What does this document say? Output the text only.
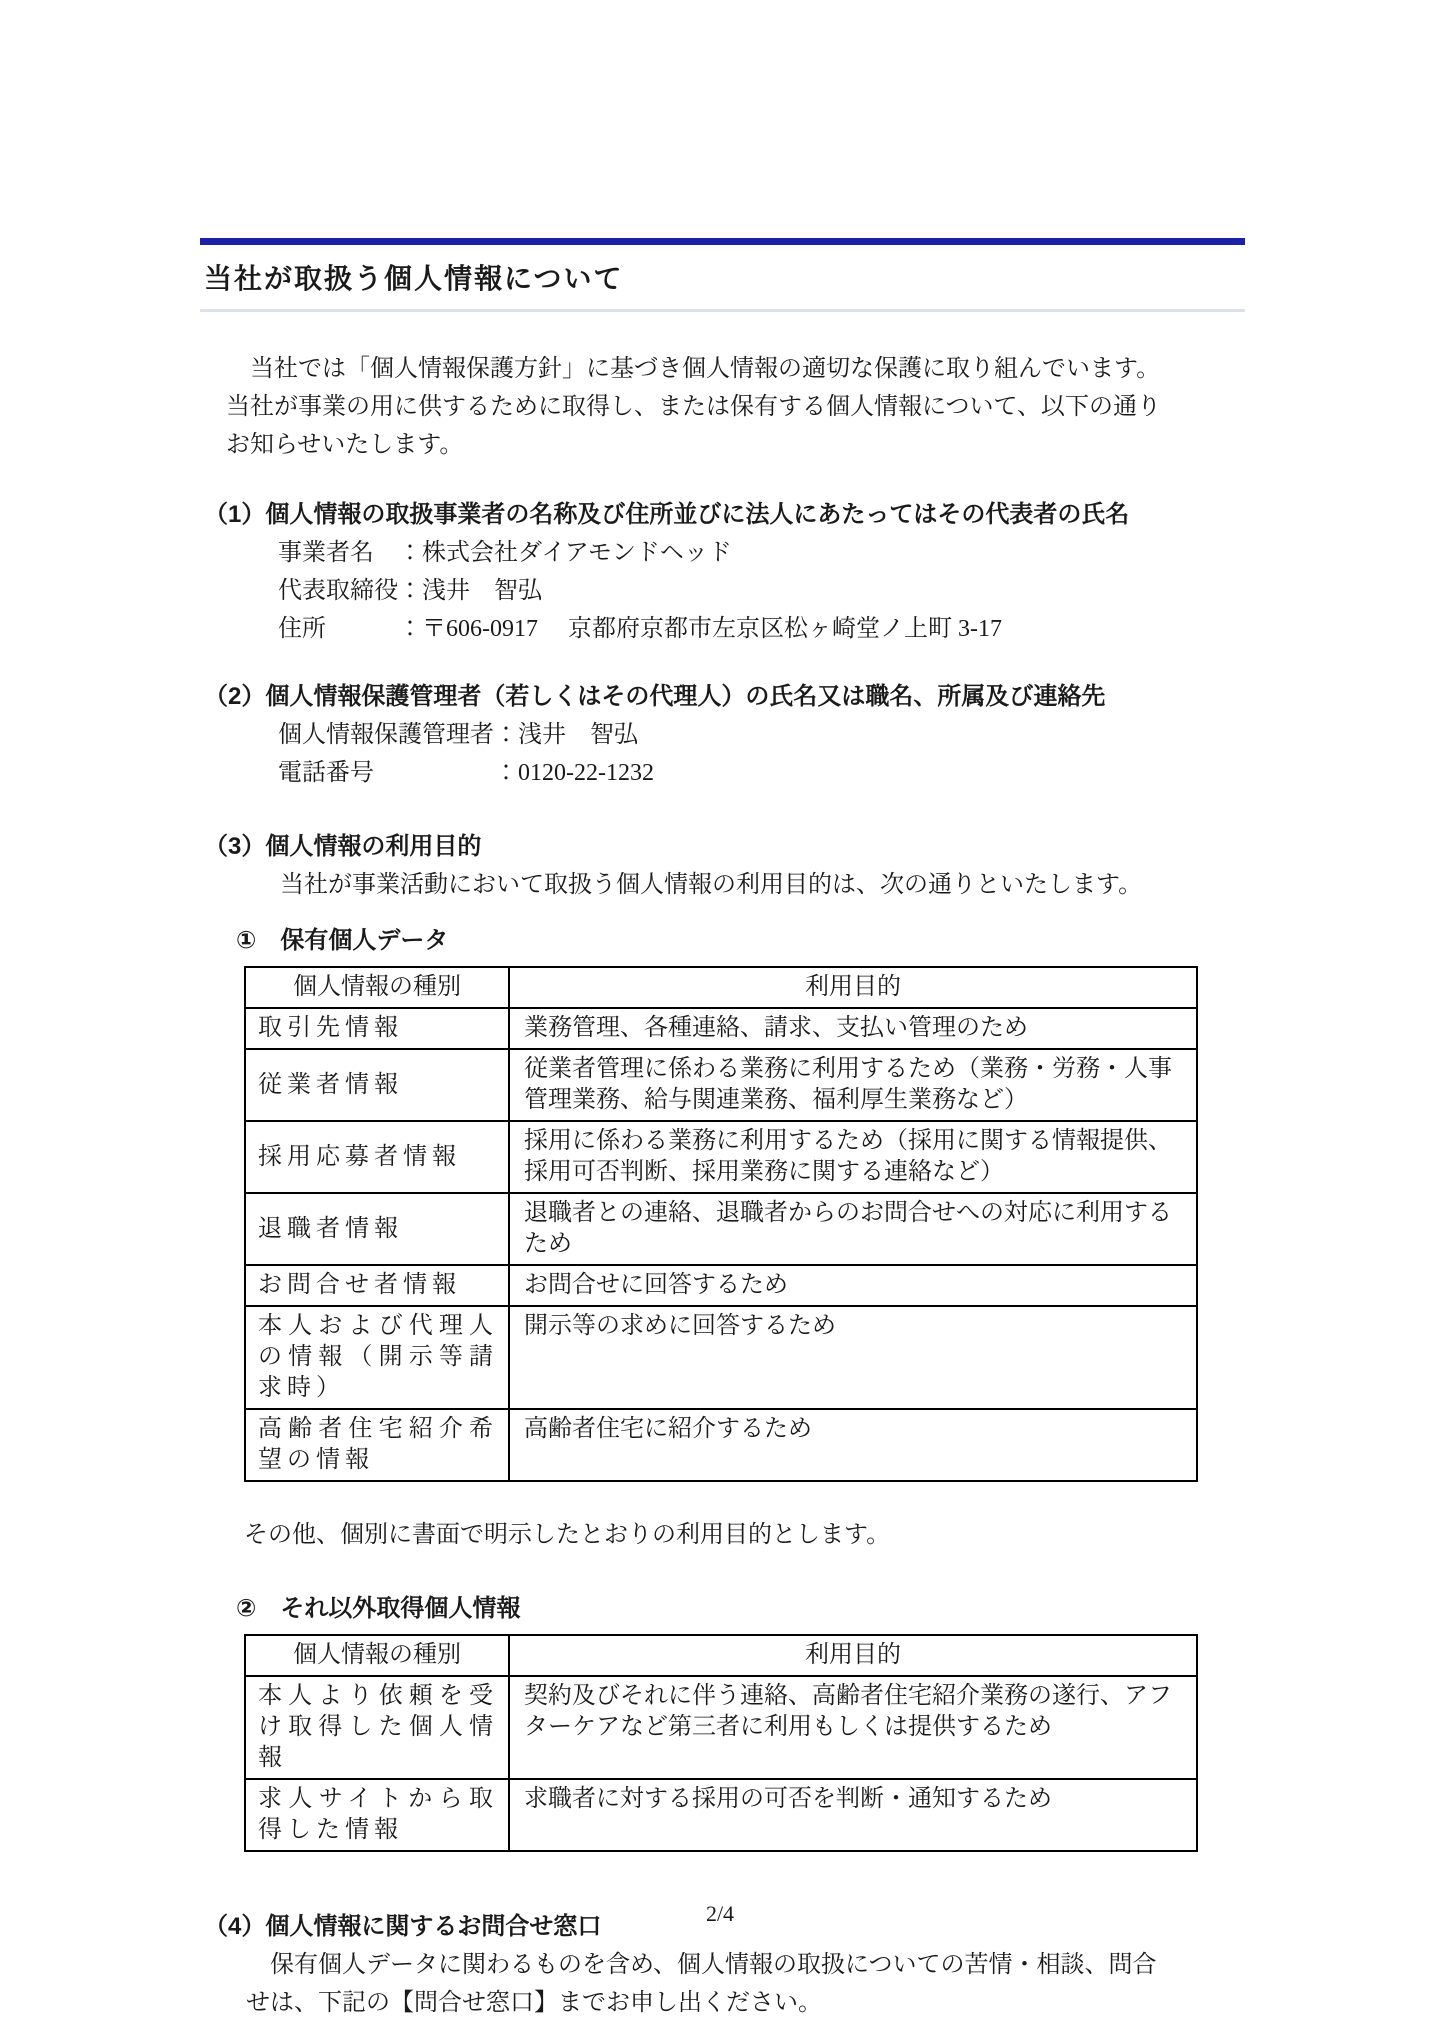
当社が取扱う個人情報について
　当社では「個人情報保護方針」に基づき個人情報の適切な保護に取り組んでいます。
当社が事業の用に供するために取得し、または保有する個人情報について、以下の通り
お知らせいたします。
（1）個人情報の取扱事業者の名称及び住所並びに法人にあたってはその代表者の氏名
事業者名　：株式会社ダイアモンドヘッド
代表取締役：浅井　智弘
住所　　　：〒606-0917　 京都府京都市左京区松ヶ崎堂ノ上町 3-17
（2）個人情報保護管理者（若しくはその代理人）の氏名又は職名、所属及び連絡先
個人情報保護管理者：浅井　智弘
電話番号　　　　　：0120-22-1232
（3）個人情報の利用目的
　当社が事業活動において取扱う個人情報の利用目的は、次の通りといたします。
①　保有個人データ
個人情報の種別	利用目的
取引先情報	業務管理、各種連絡、請求、支払い管理のため
従業者情報	従業者管理に係わる業務に利用するため（業務・労務・人事管理業務、給与関連業務、福利厚生業務など）
採用応募者情報	採用に係わる業務に利用するため（採用に関する情報提供、採用可否判断、採用業務に関する連絡など）
退職者情報	退職者との連絡、退職者からのお問合せへの対応に利用するため
お問合せ者情報	お問合せに回答するため
本人および代理人の情報（開示等請求時）	開示等の求めに回答するため
高齢者住宅紹介希望の情報	高齢者住宅に紹介するため
その他、個別に書面で明示したとおりの利用目的とします。
②　それ以外取得個人情報
個人情報の種別	利用目的
本人より依頼を受け取得した個人情報	契約及びそれに伴う連絡、高齢者住宅紹介業務の遂行、アフターケアなど第三者に利用もしくは提供するため
求人サイトから取得した情報	求職者に対する採用の可否を判断・通知するため
（4）個人情報に関するお問合せ窓口
　保有個人データに関わるものを含め、個人情報の取扱についての苦情・相談、問合
せは、下記の【問合せ窓口】までお申し出ください。
2/4
